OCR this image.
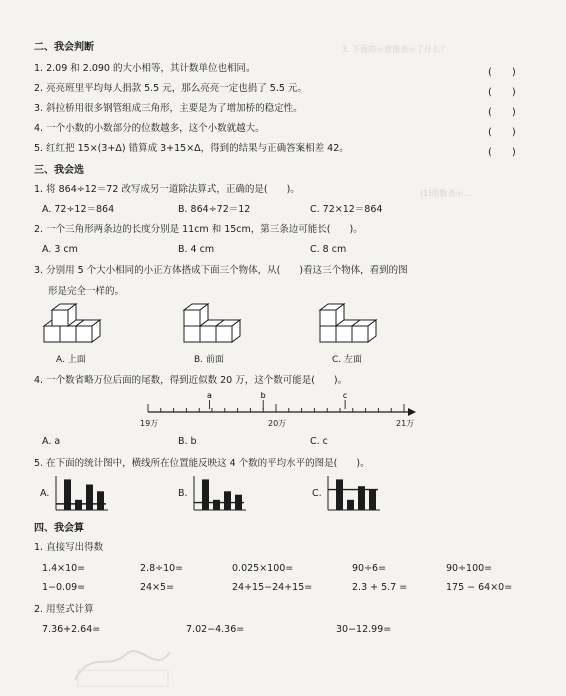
3. 下面的示意图表示了什么？
(1)用数表示…
二、我会判断
1. 2.09 和 2.090 的大小相等，其计数单位也相同。
2. 亮亮班里平均每人捐款 5.5 元，那么亮亮一定也捐了 5.5 元。
3. 斜拉桥用很多钢管组成三角形，主要是为了增加桥的稳定性。
4. 一个小数的小数部分的位数越多，这个小数就越大。
5. 红红把 15×(3+Δ) 错算成 3+15×Δ，得到的结果与正确答案相差 42。
(　　)
(　　)
(　　)
(　　)
(　　)
三、我会选
1. 将 864÷12＝72 改写成另一道除法算式，正确的是(　　)。
A. 72÷12＝864	B. 864÷72＝12	C. 72×12＝864
2. 一个三角形两条边的长度分别是 11cm 和 15cm，第三条边可能长(　　)。
A. 3 cm	B. 4 cm	C. 8 cm
3. 分别用 5 个大小相同的小正方体搭成下面三个物体，从(　　)看这三个物体，看到的图
形是完全一样的。
A. 上面	B. 前面	C. 左面
4. 一个数省略万位后面的尾数，得到近似数 20 万，这个数可能是(　　)。
a	b	c
19万	20万	21万
A. a	B. b	C. c
5. 在下面的统计图中，横线所在位置能反映这 4 个数的平均水平的图是(　　)。
A.	B.	C.
四、我会算
1. 直接写出得数
1.4×10=	2.8÷10=	0.025×100=	90÷6=	90÷100=
1−0.09=	24×5=	24+15−24+15=	2.3 + 5.7 =	175 − 64×0=
2. 用竖式计算
7.36+2.64=	7.02−4.36=	30−12.99=
